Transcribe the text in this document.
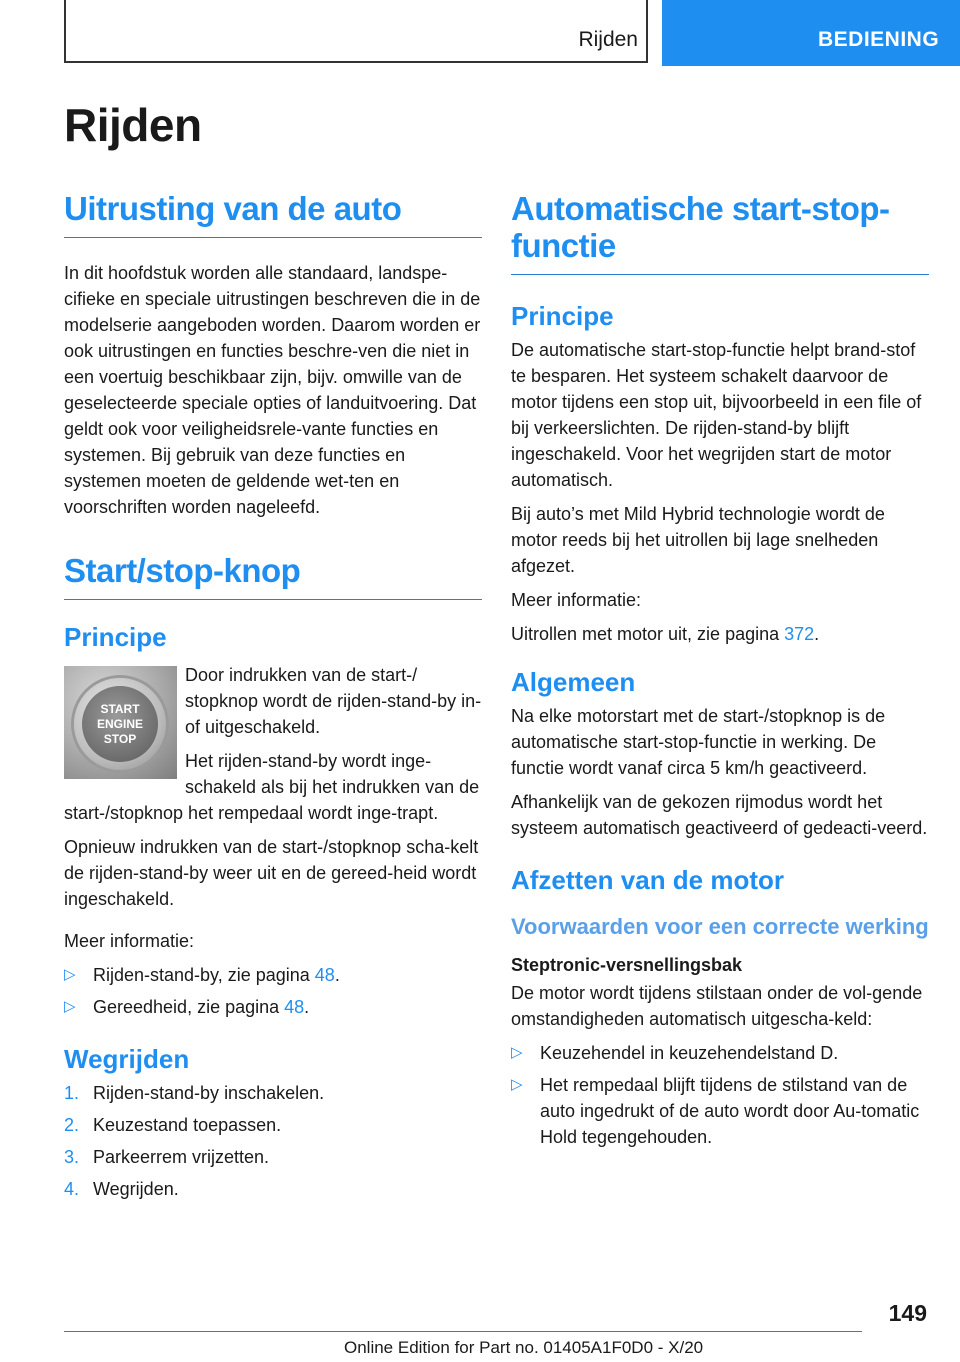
Rijden	BEDIENING
Rijden
Uitrusting van de auto

In dit hoofdstuk worden alle standaard, landspe-cifieke en speciale uitrustingen beschreven die in de modelserie aangeboden worden. Daarom worden er ook uitrustingen en functies beschre-ven die niet in een voertuig beschikbaar zijn, bijv. omwille van de geselecteerde speciale opties of landuitvoering. Dat geldt ook voor veiligheidsrele-vante functies en systemen. Bij gebruik van deze functies en systemen moeten de geldende wet-ten en voorschriften worden nageleefd.

Start/stop-knop
Principe
START
ENGINE
STOP

Door indrukken van de start-/ stopknop wordt de rijden-stand-by in- of uitgeschakeld.

Het rijden-stand-by wordt inge-schakeld als bij het indrukken van de start-/stopknop het rempedaal wordt inge-trapt.

Opnieuw indrukken van de start-/stopknop scha-kelt de rijden-stand-by weer uit en de gereed-heid wordt ingeschakeld.

Meer informatie:

▷ Rijden-stand-by, zie pagina 48.
▷ Gereedheid, zie pagina 48.
Wegrijden
1. Rijden-stand-by inschakelen.
2. Keuzestand toepassen.
3. Parkeerrem vrijzetten.
4. Wegrijden.
Automatische start-stop-functie
Principe

De automatische start-stop-functie helpt brand-stof te besparen. Het systeem schakelt daarvoor de motor tijdens een stop uit, bijvoorbeeld in een file of bij verkeerslichten. De rijden-stand-by blijft ingeschakeld. Voor het wegrijden start de motor automatisch.

Bij auto’s met Mild Hybrid technologie wordt de motor reeds bij het uitrollen bij lage snelheden afgezet.

Meer informatie:

Uitrollen met motor uit, zie pagina 372.

Algemeen

Na elke motorstart met de start-/stopknop is de automatische start-stop-functie in werking. De functie wordt vanaf circa 5 km/h geactiveerd.

Afhankelijk van de gekozen rijmodus wordt het systeem automatisch geactiveerd of gedeacti-veerd.

Afzetten van de motor
Voorwaarden voor een correcte werking
Steptronic-versnellingsbak

De motor wordt tijdens stilstaan onder de vol-gende omstandigheden automatisch uitgescha-keld:

▷ Keuzehendel in keuzehendelstand D.
▷ Het rempedaal blijft tijdens de stilstand van de auto ingedrukt of de auto wordt door Au-tomatic Hold tegengehouden.
149
Online Edition for Part no. 01405A1F0D0 - X/20
